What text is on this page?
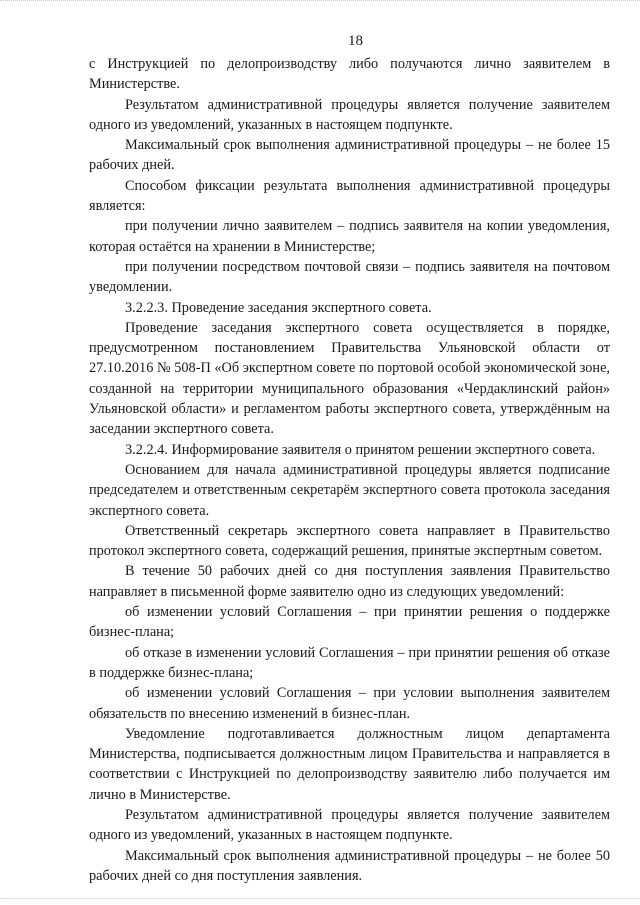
18

с Инструкцией по делопроизводству либо получаются лично заявителем в Министерстве.

Результатом административной процедуры является получение заявителем одного из уведомлений, указанных в настоящем подпункте.

Максимальный срок выполнения административной процедуры – не более 15 рабочих дней.

Способом фиксации результата выполнения административной процедуры является:

при получении лично заявителем – подпись заявителя на копии уведомления, которая остаётся на хранении в Министерстве;

при получении посредством почтовой связи – подпись заявителя на почтовом уведомлении.

3.2.2.3. Проведение заседания экспертного совета.

Проведение заседания экспертного совета осуществляется в порядке, предусмотренном постановлением Правительства Ульяновской области от 27.10.2016 № 508-П «Об экспертном совете по портовой особой экономической зоне, созданной на территории муниципального образования «Чердаклинский район» Ульяновской области» и регламентом работы экспертного совета, утверждённым на заседании экспертного совета.

3.2.2.4. Информирование заявителя о принятом решении экспертного совета.

Основанием для начала административной процедуры является подписание председателем и ответственным секретарём экспертного совета протокола заседания экспертного совета.

Ответственный секретарь экспертного совета направляет в Правительство протокол экспертного совета, содержащий решения, принятые экспертным советом.

В течение 50 рабочих дней со дня поступления заявления Правительство направляет в письменной форме заявителю одно из следующих уведомлений:

об изменении условий Соглашения – при принятии решения о поддержке бизнес-плана;

об отказе в изменении условий Соглашения – при принятии решения об отказе в поддержке бизнес-плана;

об изменении условий Соглашения – при условии выполнения заявителем обязательств по внесению изменений в бизнес-план.

Уведомление подготавливается должностным лицом департамента Министерства, подписывается должностным лицом Правительства и направляется в соответствии с Инструкцией по делопроизводству заявителю либо получается им лично в Министерстве.

Результатом административной процедуры является получение заявителем одного из уведомлений, указанных в настоящем подпункте.

Максимальный срок выполнения административной процедуры – не более 50 рабочих дней со дня поступления заявления.
